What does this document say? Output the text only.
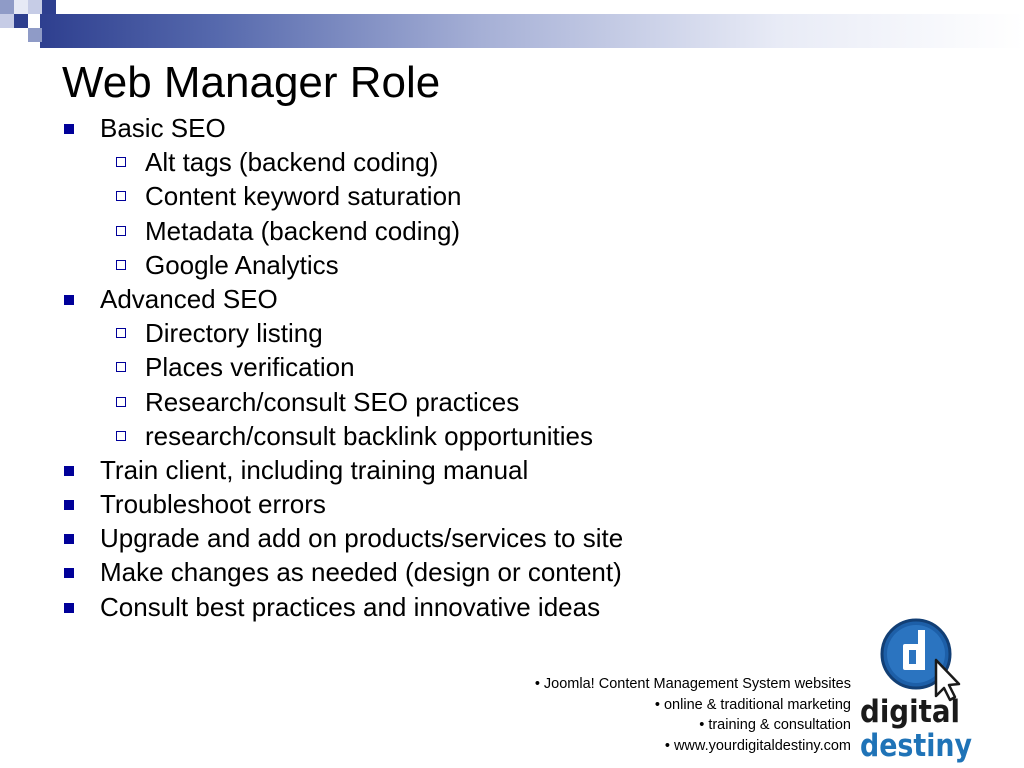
Web Manager Role
Basic SEO
Alt tags (backend coding)
Content keyword saturation
Metadata (backend coding)
Google Analytics
Advanced SEO
Directory listing
Places verification
Research/consult SEO practices
research/consult backlink opportunities
Train client, including training manual
Troubleshoot errors
Upgrade and add on products/services to site
Make changes as needed (design or content)
Consult best practices and innovative ideas
• Joomla! Content Management System websites
• online & traditional marketing
• training & consultation
• www.yourdigitaldestiny.com
digital
destiny
